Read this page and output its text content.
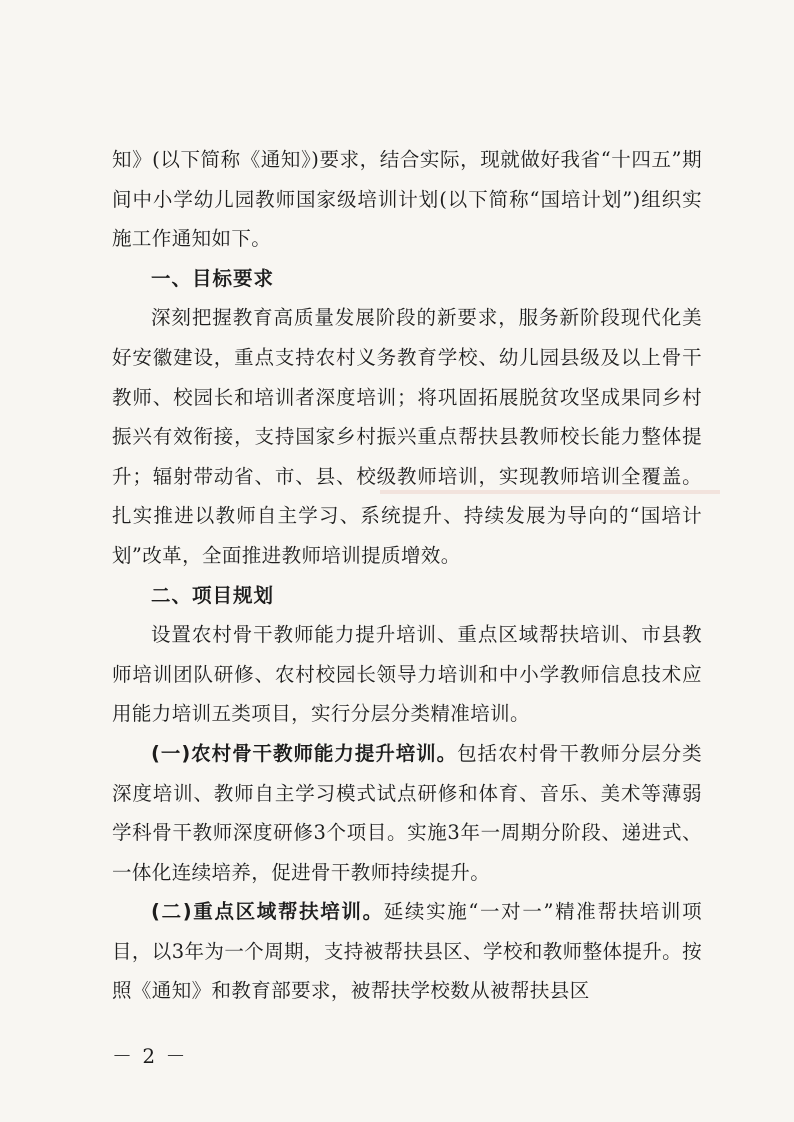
知》(以下简称《通知》)要求，结合实际，现就做好我省“十四五”期间中小学幼儿园教师国家级培训计划(以下简称“国培计划”)组织实施工作通知如下。

一、目标要求

深刻把握教育高质量发展阶段的新要求，服务新阶段现代化美好安徽建设，重点支持农村义务教育学校、幼儿园县级及以上骨干教师、校园长和培训者深度培训；将巩固拓展脱贫攻坚成果同乡村振兴有效衔接，支持国家乡村振兴重点帮扶县教师校长能力整体提升；辐射带动省、市、县、校级教师培训，实现教师培训全覆盖。扎实推进以教师自主学习、系统提升、持续发展为导向的“国培计划”改革，全面推进教师培训提质增效。

二、项目规划

设置农村骨干教师能力提升培训、重点区域帮扶培训、市县教师培训团队研修、农村校园长领导力培训和中小学教师信息技术应用能力培训五类项目，实行分层分类精准培训。

(一)农村骨干教师能力提升培训。包括农村骨干教师分层分类深度培训、教师自主学习模式试点研修和体育、音乐、美术等薄弱学科骨干教师深度研修3个项目。实施3年一周期分阶段、递进式、一体化连续培养，促进骨干教师持续提升。

(二)重点区域帮扶培训。延续实施“一对一”精准帮扶培训项目，以3年为一个周期，支持被帮扶县区、学校和教师整体提升。按照《通知》和教育部要求，被帮扶学校数从被帮扶县区

－ 2 －
